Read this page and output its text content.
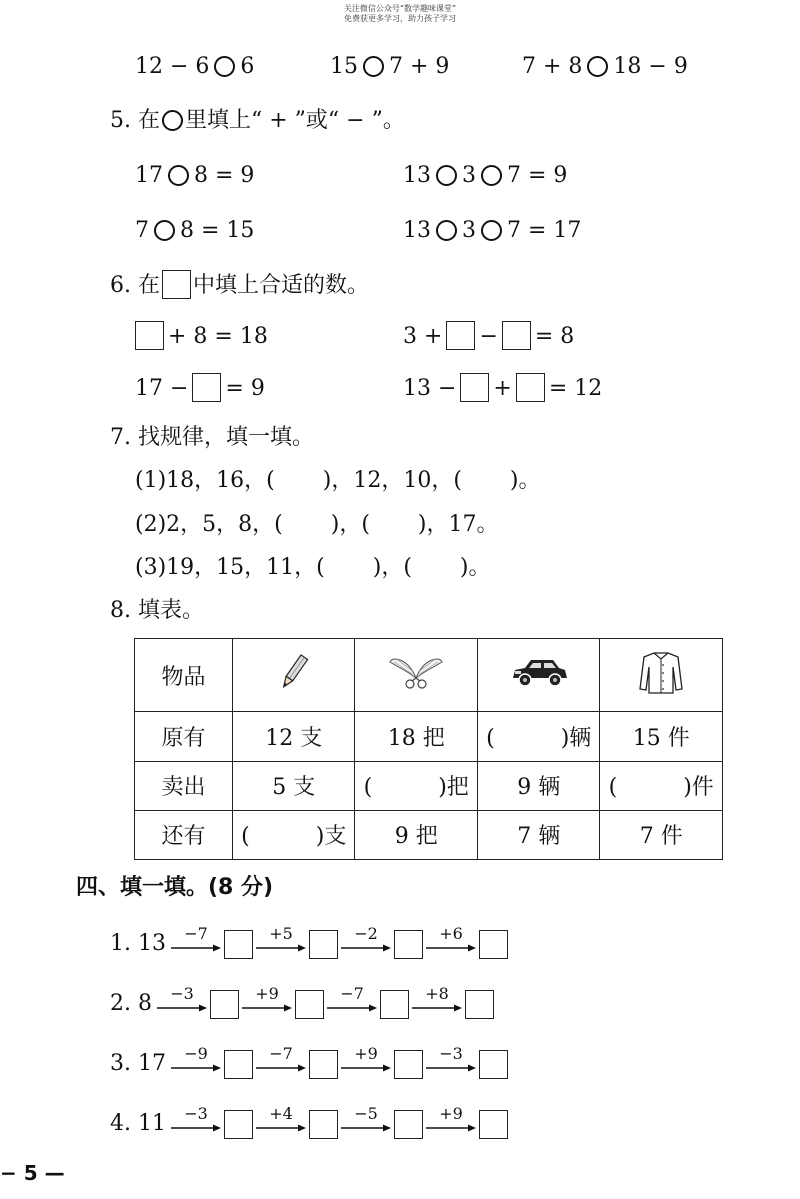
关注微信公众号“数学趣味课堂”
免费获更多学习，助力孩子学习
12 − 6 6	15 7 + 9	7 + 8 18 − 9
5. 在 里填上“ + ”或“ − ”。
17 8 = 9	13 3 7 = 9
7 8 = 15	13 3 7 = 17
6. 在 中填上合适的数。
+ 8 = 18	3 + − = 8
17 − = 9	13 − + = 12
7. 找规律，填一填。
(1)18，16，( )，12，10，( )。
(2)2，5，8，( )，( )，17。
(3)19，15，11，( )，( )。
8. 填表。
物品				
原有	12 支	18 把	(　　　)辆	15 件
卖出	5 支	(　　　)把	9 辆	(　　　)件
还有	(　　　)支	9 把	7 辆	7 件
四、填一填。(8 分)
1. 13	−7	+5	−2	+6
2. 8	−3	+9	−7	+8
3. 17	−9	−7	+9	−3
4. 11	−3	+4	−5	+9
− 5 —
